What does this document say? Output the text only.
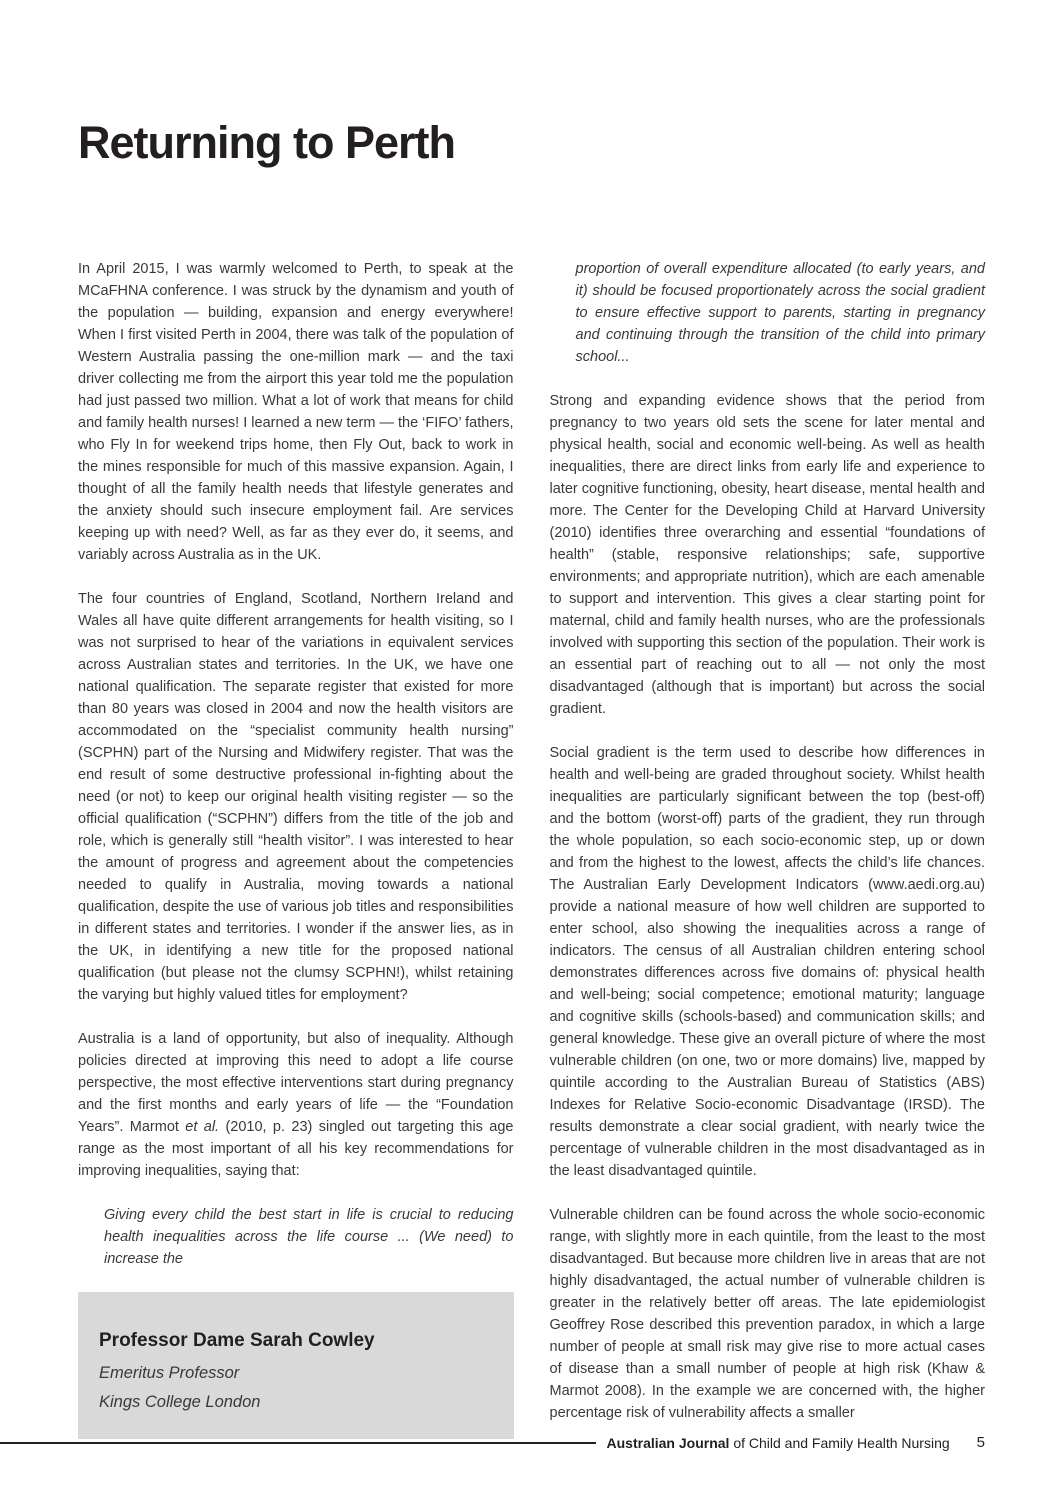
Returning to Perth

In April 2015, I was warmly welcomed to Perth, to speak at the MCaFHNA conference. I was struck by the dynamism and youth of the population — building, expansion and energy everywhere! When I first visited Perth in 2004, there was talk of the population of Western Australia passing the one-million mark — and the taxi driver collecting me from the airport this year told me the population had just passed two million. What a lot of work that means for child and family health nurses! I learned a new term — the ‘FIFO’ fathers, who Fly In for weekend trips home, then Fly Out, back to work in the mines responsible for much of this massive expansion. Again, I thought of all the family health needs that lifestyle generates and the anxiety should such insecure employment fail. Are services keeping up with need? Well, as far as they ever do, it seems, and variably across Australia as in the UK.

The four countries of England, Scotland, Northern Ireland and Wales all have quite different arrangements for health visiting, so I was not surprised to hear of the variations in equivalent services across Australian states and territories. In the UK, we have one national qualification. The separate register that existed for more than 80 years was closed in 2004 and now the health visitors are accommodated on the “specialist community health nursing” (SCPHN) part of the Nursing and Midwifery register. That was the end result of some destructive professional in-fighting about the need (or not) to keep our original health visiting register — so the official qualification (“SCPHN”) differs from the title of the job and role, which is generally still “health visitor”. I was interested to hear the amount of progress and agreement about the competencies needed to qualify in Australia, moving towards a national qualification, despite the use of various job titles and responsibilities in different states and territories. I wonder if the answer lies, as in the UK, in identifying a new title for the proposed national qualification (but please not the clumsy SCPHN!), whilst retaining the varying but highly valued titles for employment?

Australia is a land of opportunity, but also of inequality. Although policies directed at improving this need to adopt a life course perspective, the most effective interventions start during pregnancy and the first months and early years of life — the “Foundation Years”. Marmot et al. (2010, p. 23) singled out targeting this age range as the most important of all his key recommendations for improving inequalities, saying that:

Giving every child the best start in life is crucial to reducing health inequalities across the life course ... (We need) to increase the

Professor Dame Sarah Cowley
Emeritus Professor
Kings College London

proportion of overall expenditure allocated (to early years, and it) should be focused proportionately across the social gradient to ensure effective support to parents, starting in pregnancy and continuing through the transition of the child into primary school...

Strong and expanding evidence shows that the period from pregnancy to two years old sets the scene for later mental and physical health, social and economic well-being. As well as health inequalities, there are direct links from early life and experience to later cognitive functioning, obesity, heart disease, mental health and more. The Center for the Developing Child at Harvard University (2010) identifies three overarching and essential “foundations of health” (stable, responsive relationships; safe, supportive environments; and appropriate nutrition), which are each amenable to support and intervention. This gives a clear starting point for maternal, child and family health nurses, who are the professionals involved with supporting this section of the population. Their work is an essential part of reaching out to all — not only the most disadvantaged (although that is important) but across the social gradient.

Social gradient is the term used to describe how differences in health and well-being are graded throughout society. Whilst health inequalities are particularly significant between the top (best-off) and the bottom (worst-off) parts of the gradient, they run through the whole population, so each socio-economic step, up or down and from the highest to the lowest, affects the child’s life chances. The Australian Early Development Indicators (www.aedi.org.au) provide a national measure of how well children are supported to enter school, also showing the inequalities across a range of indicators. The census of all Australian children entering school demonstrates differences across five domains of: physical health and well-being; social competence; emotional maturity; language and cognitive skills (schools-based) and communication skills; and general knowledge. These give an overall picture of where the most vulnerable children (on one, two or more domains) live, mapped by quintile according to the Australian Bureau of Statistics (ABS) Indexes for Relative Socio-economic Disadvantage (IRSD). The results demonstrate a clear social gradient, with nearly twice the percentage of vulnerable children in the most disadvantaged as in the least disadvantaged quintile.

Vulnerable children can be found across the whole socio-economic range, with slightly more in each quintile, from the least to the most disadvantaged. But because more children live in areas that are not highly disadvantaged, the actual number of vulnerable children is greater in the relatively better off areas. The late epidemiologist Geoffrey Rose described this prevention paradox, in which a large number of people at small risk may give rise to more actual cases of disease than a small number of people at high risk (Khaw & Marmot 2008). In the example we are concerned with, the higher percentage risk of vulnerability affects a smaller

Australian Journal of Child and Family Health Nursing 5
